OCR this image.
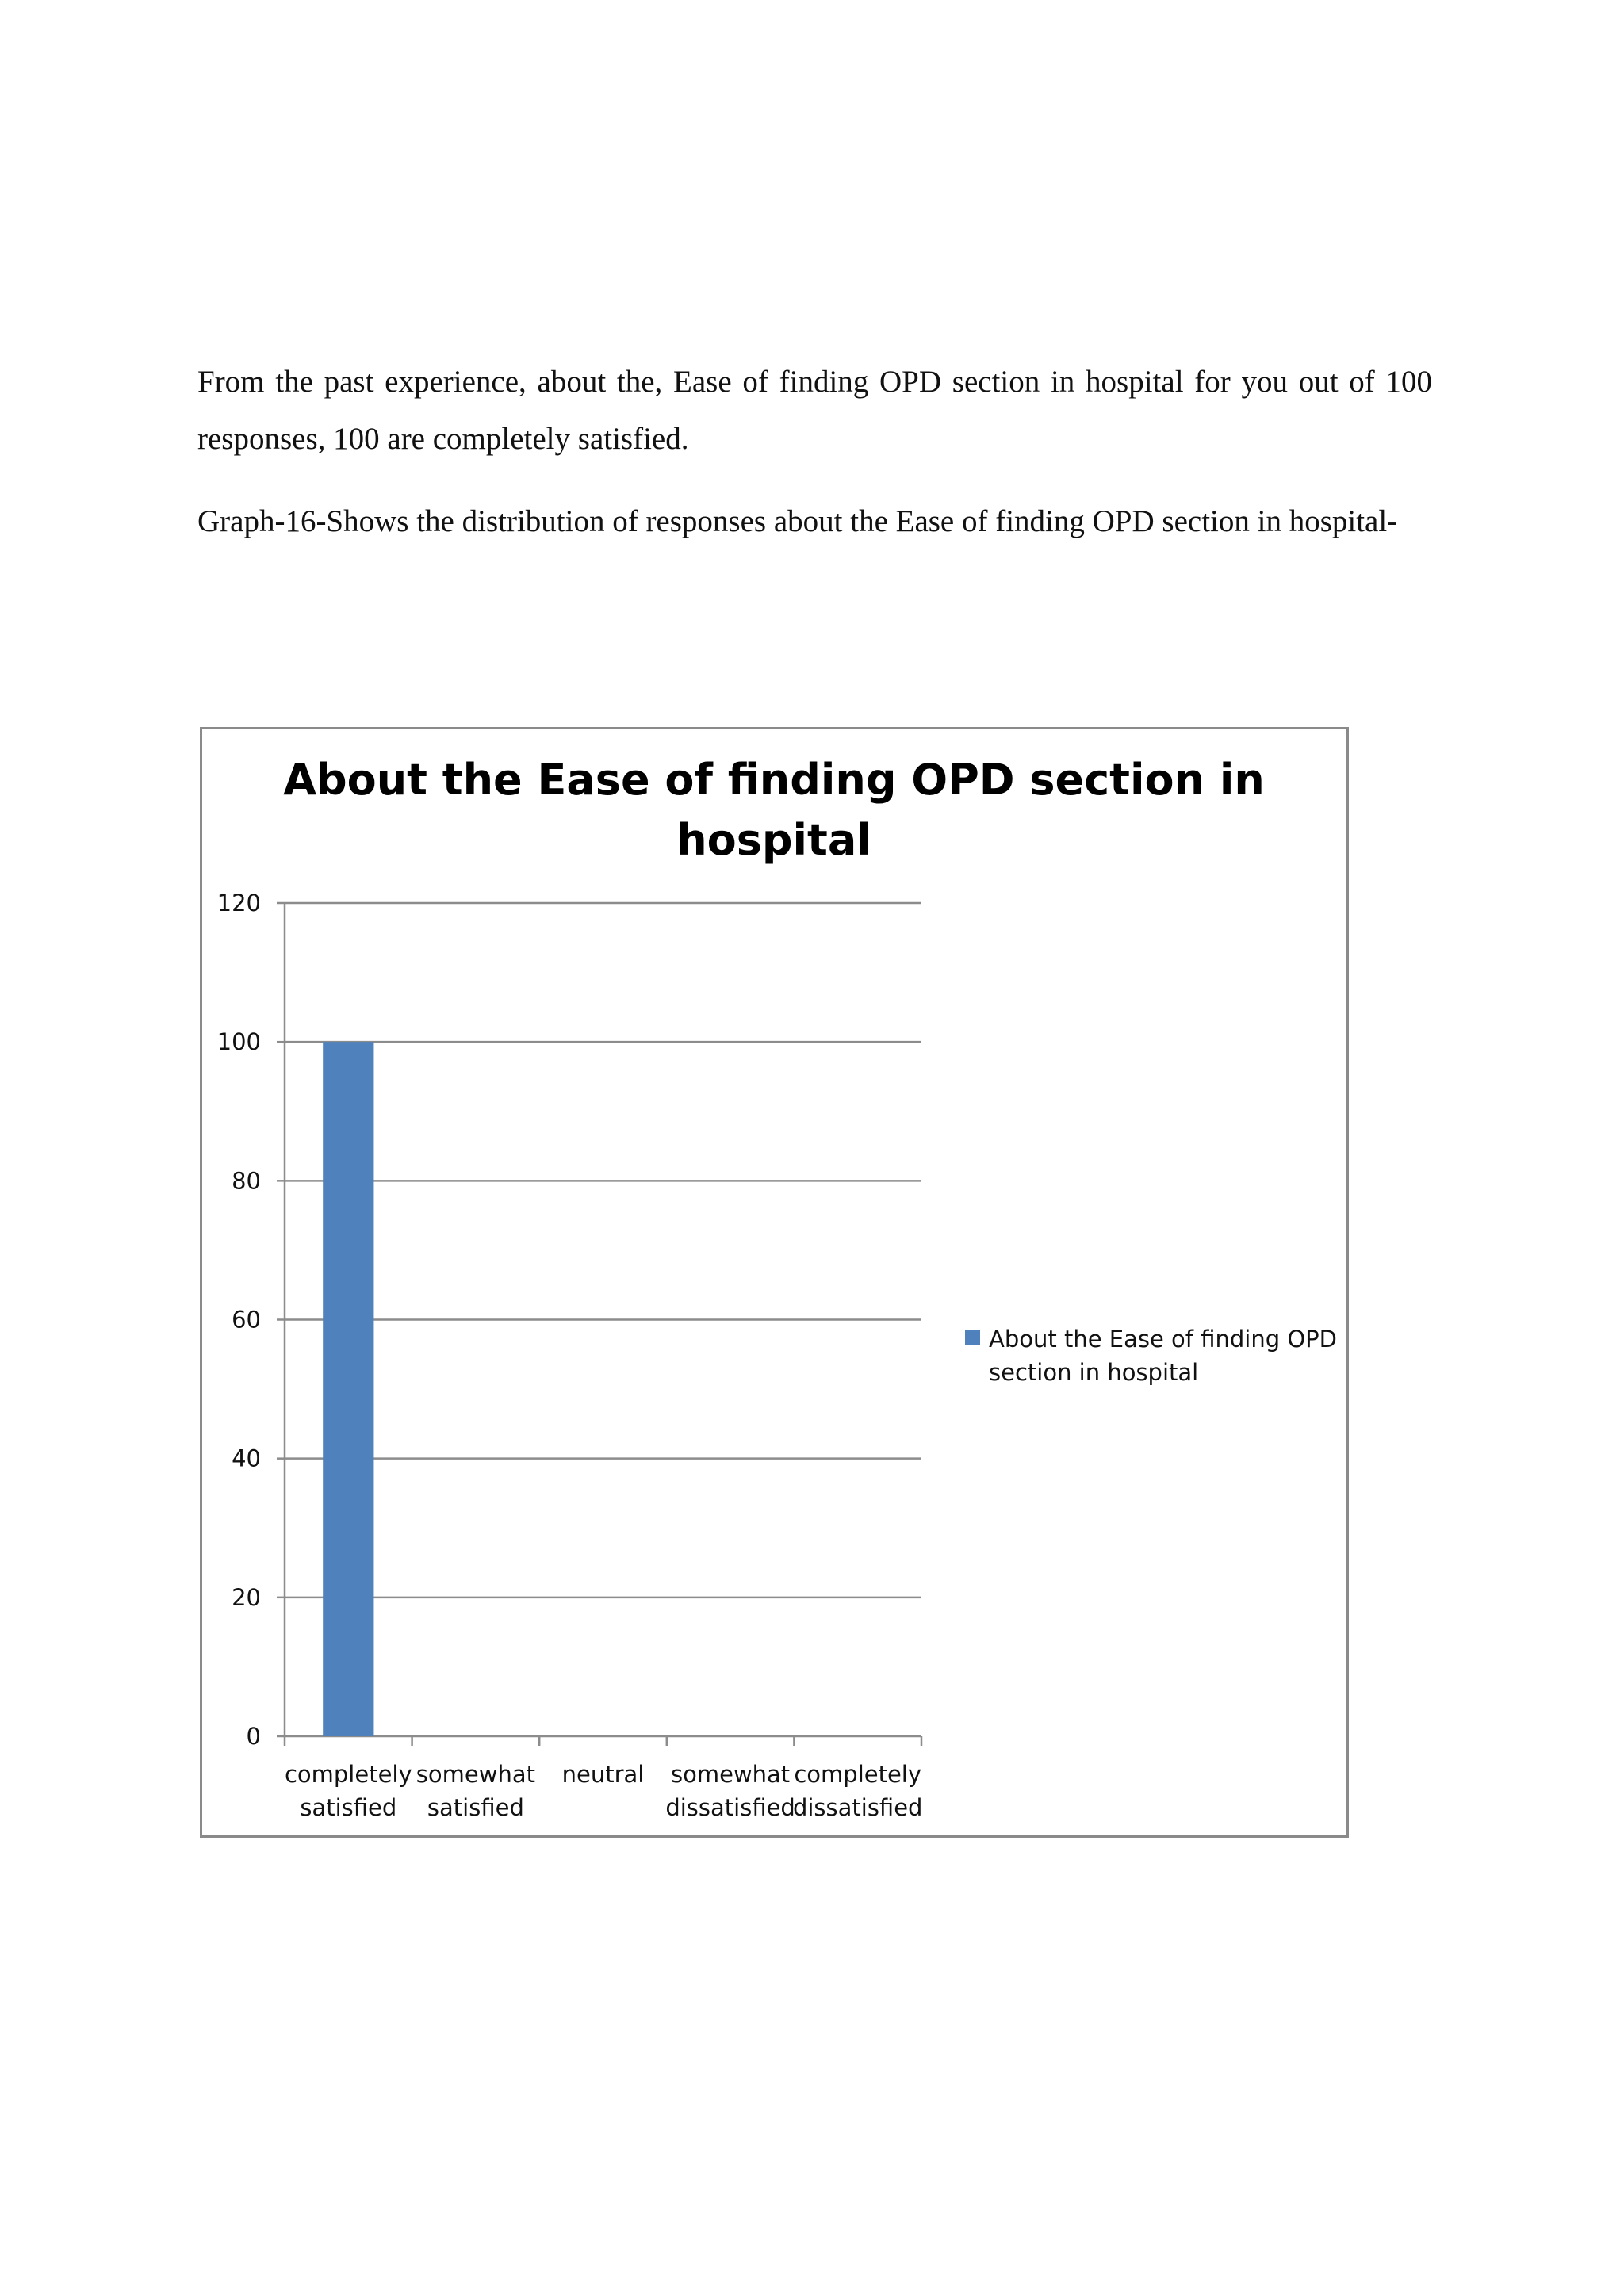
From the past experience, about the, Ease of finding OPD section in hospital for you out of 100 responses, 100 are completely satisfied.

Graph-16-Shows the distribution of responses about the Ease of finding OPD section in hospital-

About the Ease of finding OPD section in
hospital
0
20
40
60
80
100
120
completely
satisfied
somewhat
satisfied
neutral somewhat
dissatisfied
completely
dissatisfied
About the Ease of finding OPD
section in hospital
